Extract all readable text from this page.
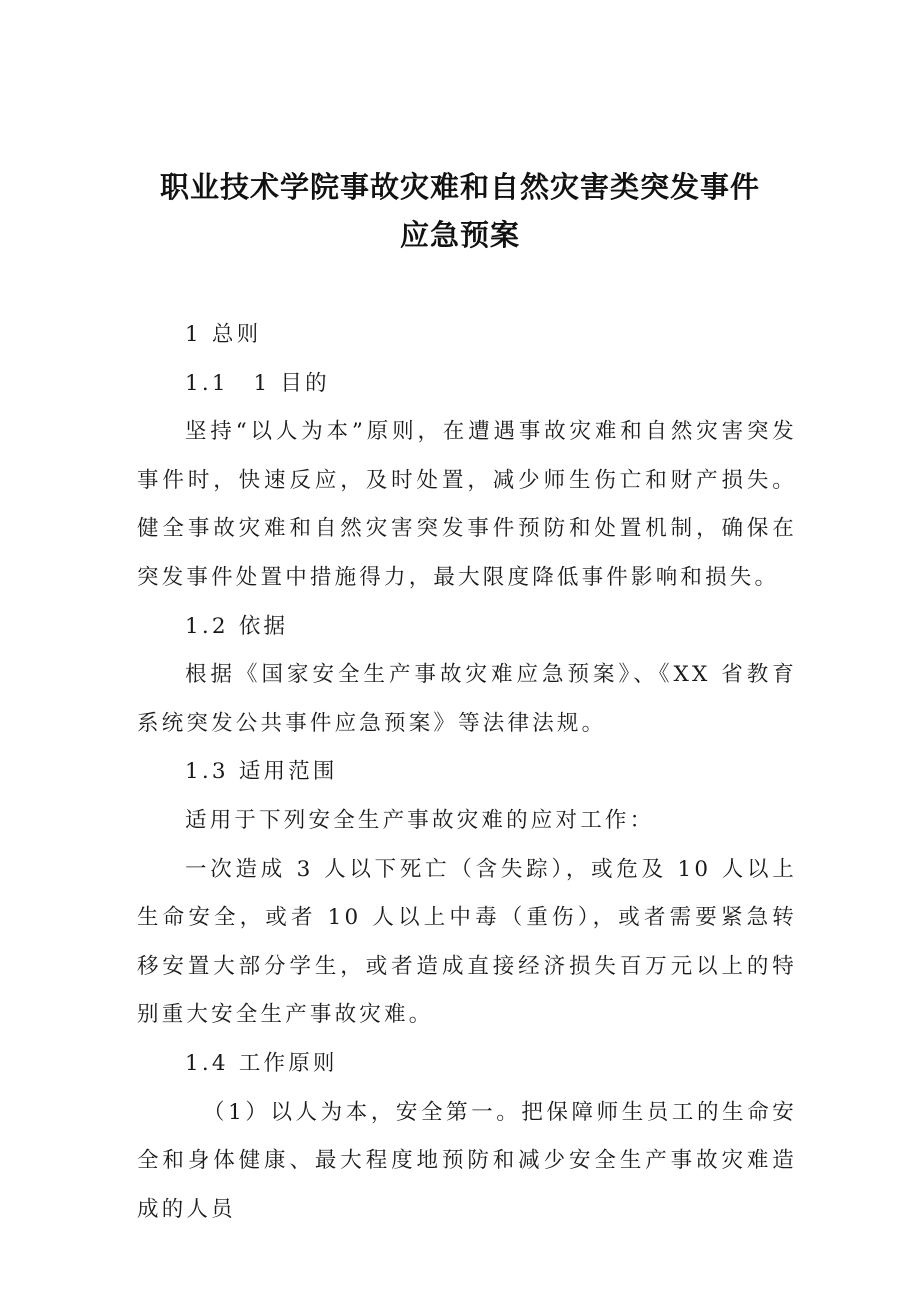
职业技术学院事故灾难和自然灾害类突发事件
应急预案

1 总则

1.1　1 目的

坚持“以人为本”原则，在遭遇事故灾难和自然灾害突发事件时，快速反应，及时处置，减少师生伤亡和财产损失。健全事故灾难和自然灾害突发事件预防和处置机制，确保在突发事件处置中措施得力，最大限度降低事件影响和损失。

1.2 依据

根据《国家安全生产事故灾难应急预案》、《XX 省教育系统突发公共事件应急预案》等法律法规。

1.3 适用范围

适用于下列安全生产事故灾难的应对工作：

一次造成 3 人以下死亡（含失踪），或危及 10 人以上生命安全，或者 10 人以上中毒（重伤），或者需要紧急转移安置大部分学生，或者造成直接经济损失百万元以上的特别重大安全生产事故灾难。

1.4 工作原则

（1）以人为本，安全第一。把保障师生员工的生命安全和身体健康、最大程度地预防和减少安全生产事故灾难造成的人员
